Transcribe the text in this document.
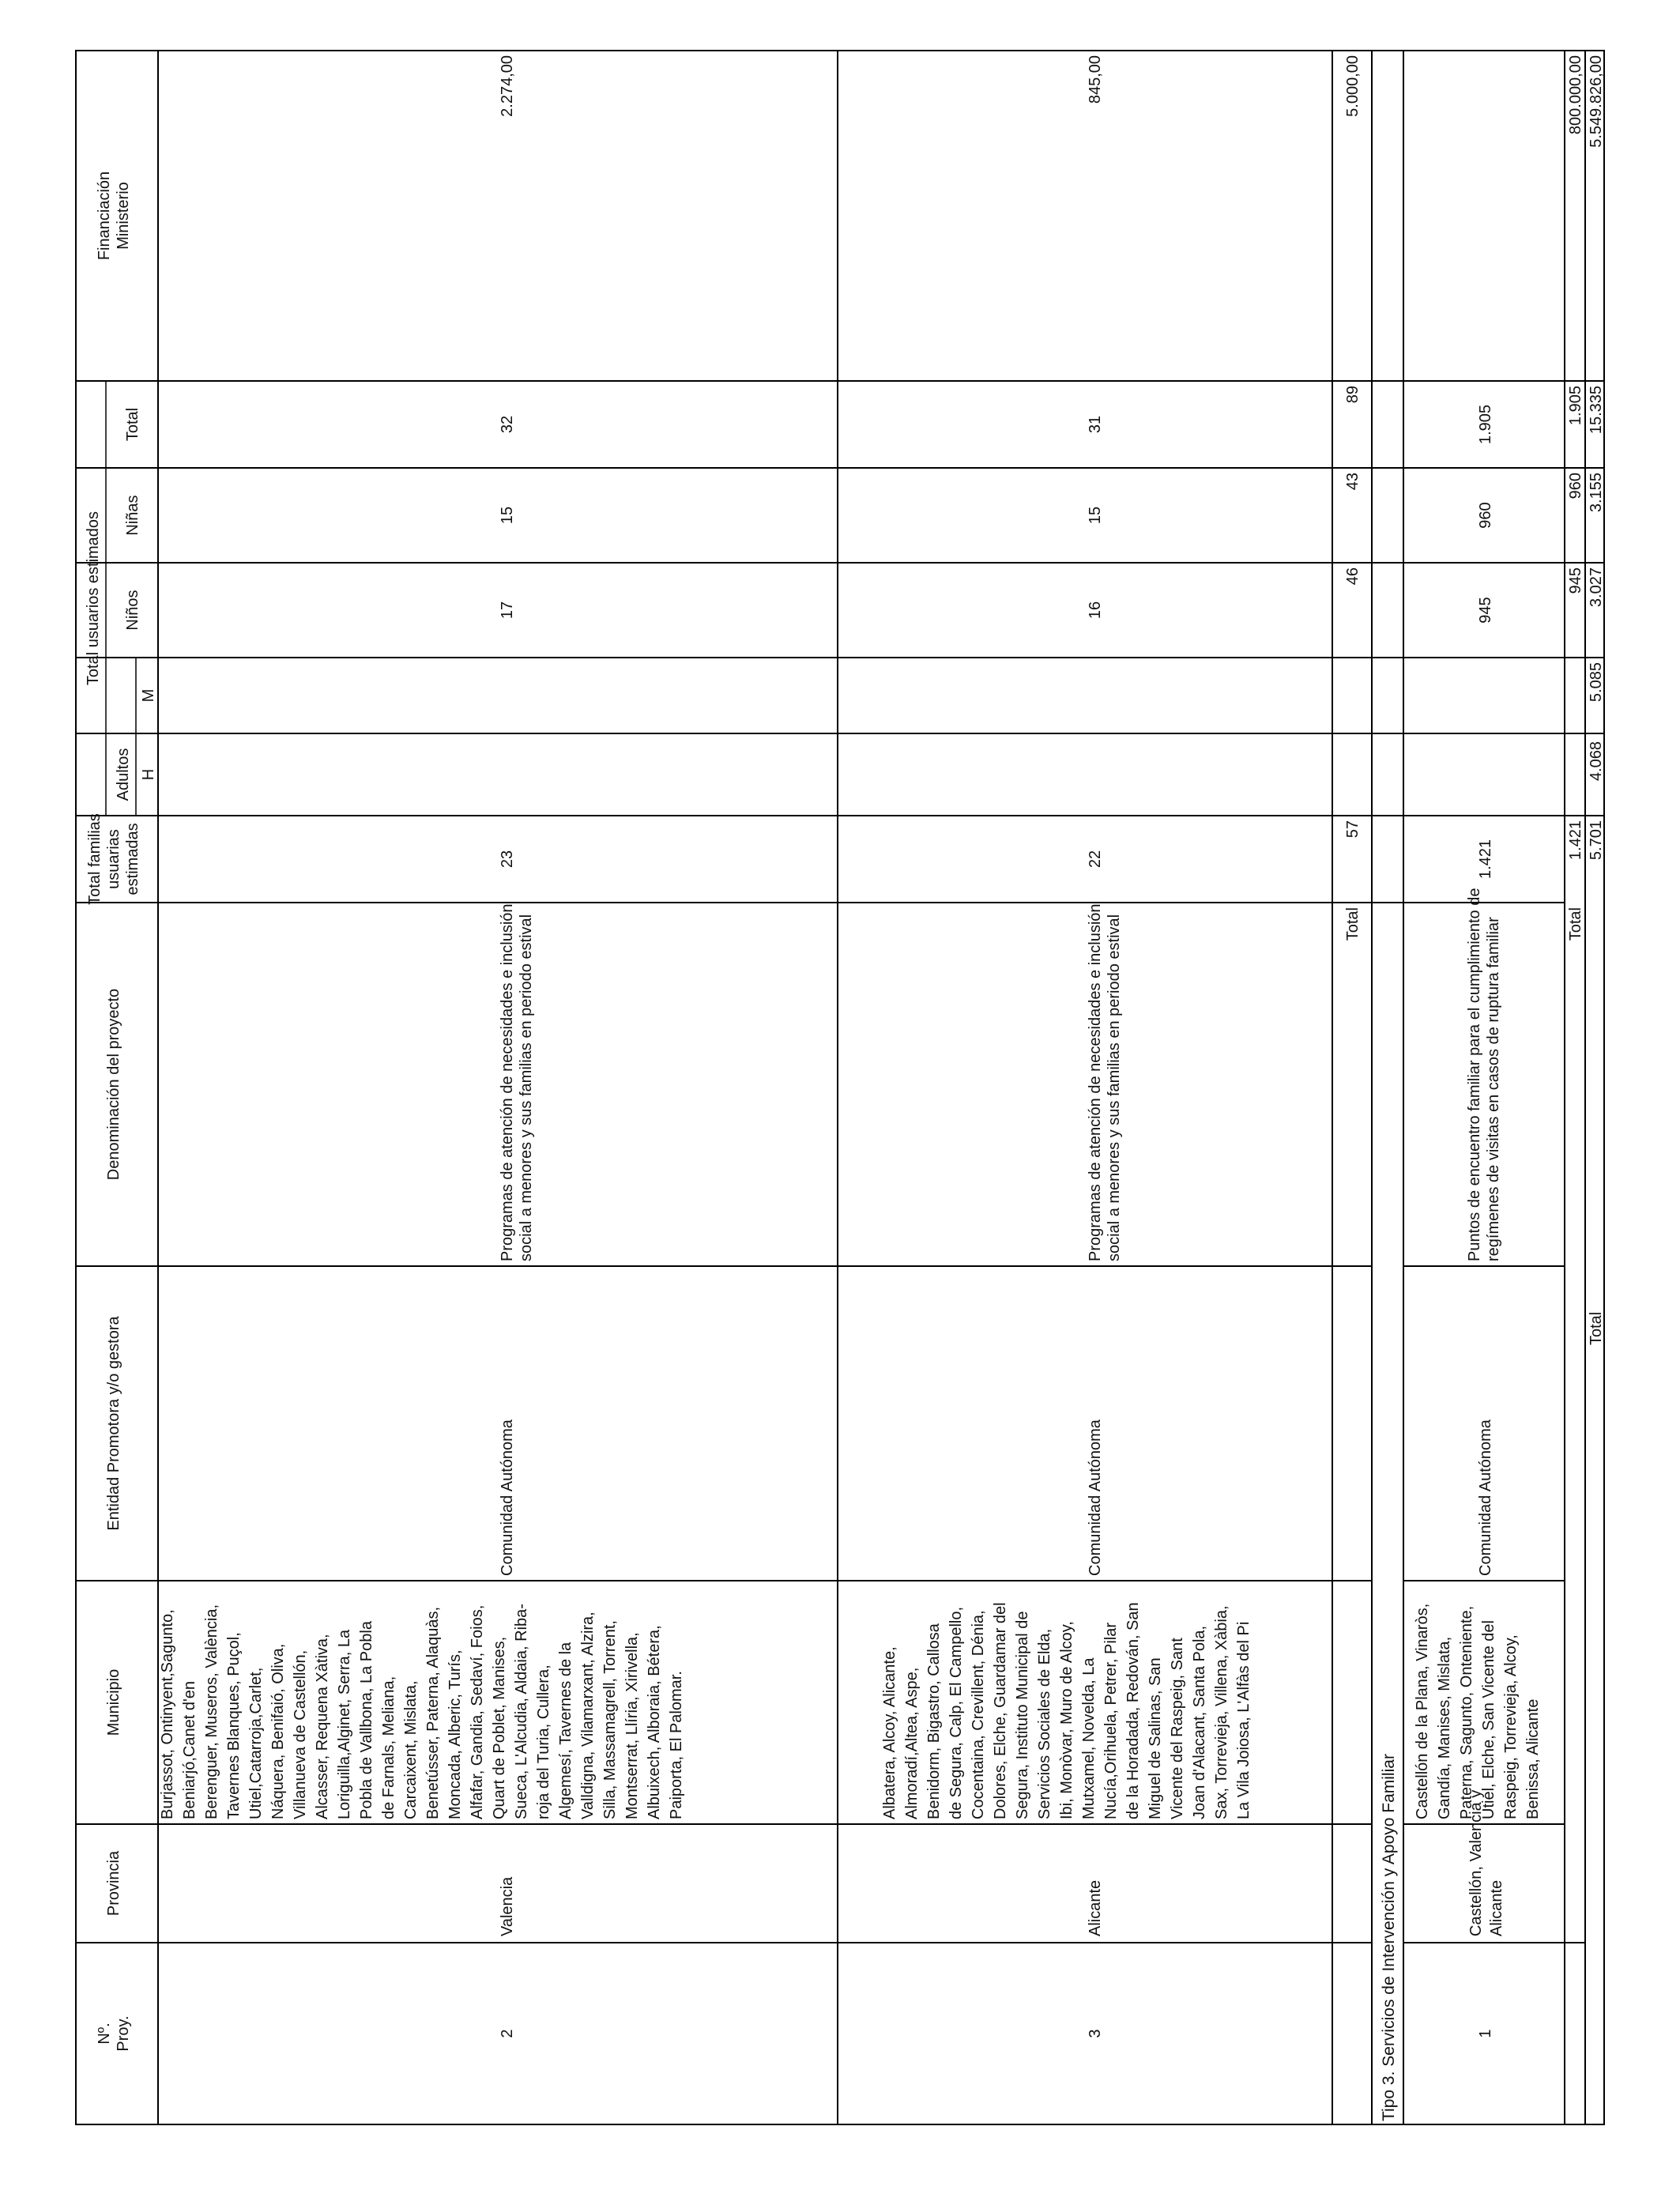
Nº. Proy.
Provincia
Municipio
Entidad Promotora y/o gestora
Denominación del proyecto
Total familias usuarias estimadas
Total usuarios estimados
Adultos H
M
Niños
Niñas
Total
Financiación Ministerio
2
Valencia
Burjassot, Ontinyent,Sagunto, Beniarjó,Canet d'en Berenguer, Museros, València, Tavernes Blanques, Puçol, Utiel,Catarroja,Carlet, Náquera, Benifaió, Oliva, Villanueva de Castellón, Alcasser, Requena Xàtiva, Loriguilla,Alginet, Serra, La Pobla de Vallbona, La Pobla de Farnals, Meliana, Carcaixent, Mislata, Benetússer, Paterna, Alaquàs, Moncada, Alberic, Turís, Alfafar, Gandia, Sedaví, Foios, Quart de Poblet, Manises, Sueca, L'Alcudia, Aldaia, Riba- roja del Turia, Cullera, Algemesí, Tavernes de la Valldigna, Vilamarxant, Alzira, Silla, Massamagrell, Torrent, Montserrat, Llíria, Xirivella, Albuixech, Alboraia, Bétera, Paiporta, El Palomar.
Comunidad Autónoma
Programas de atención de necesidades e inclusión social a menores y sus familias en periodo estival
23
17
15
32
2.274,00
3
Alicante
Albatera, Alcoy, Alicante, Almoradí,Altea, Aspe, Benidorm, Bigastro, Callosa de Segura, Calp, El Campello, Cocentaina, Crevillent, Dénia, Dolores, Elche, Guardamar del Segura, Instituto Municipal de Servicios Sociales de Elda, Ibi, Monòvar, Muro de Alcoy, Mutxamel, Novelda, La Nucía,Orihuela, Petrer, Pilar de la Horadada, Redován, San Miguel de Salinas, San Vicente del Raspeig, Sant Joan d'Alacant, Santa Pola, Sax, Torrevieja, Villena, Xàbia, La Vila Joiosa, L'Alfàs del Pi
Comunidad Autónoma
Programas de atención de necesidades e inclusión social a menores y sus familias en periodo estival
22
16
15
31
845,00
Total
57
46
43
89
5.000,00
Tipo 3. Servicios de Intervención y Apoyo Familiar	1
Castellón, Valencia y Alicante
Castellón de la Plana, Vinaròs, Gandía, Manises, Mislata, Paterna, Sagunto, Onteniente, Utiel, Elche, San Vicente del Raspeig, Torrevieja, Alcoy, Benissa, Alicante
Comunidad Autónoma
Puntos de encuentro familiar para el cumplimiento de regímenes de visitas en casos de ruptura familiar
1.421
945
960
1.905
Total
1.421
945
960
1.905
800.000,00
Total
5.701
4.068
5.085
3.027
3.155
15.335
5.549.826,00
